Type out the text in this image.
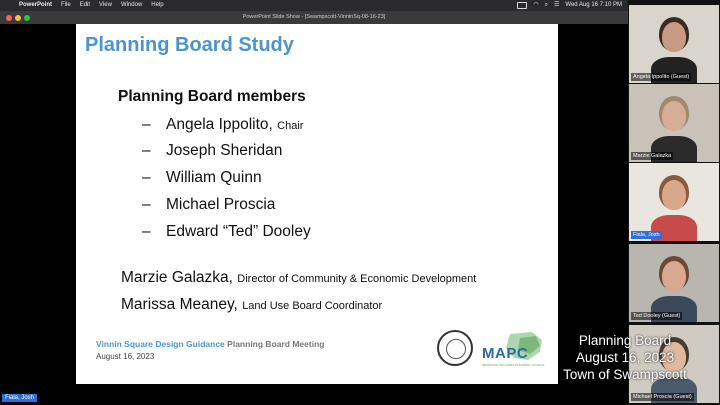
PowerPoint File Edit View Window Help	◠ ⌕ ☰ Wed Aug 16 7:10 PM
PowerPoint Slide Show - [Swampscott-VinninSq-08-16-23]
Planning Board Study
Planning Board members
– Angela Ippolito, Chair
– Joseph Sheridan
– William Quinn
– Michael Proscia
– Edward “Ted” Dooley
Marzie Galazka, Director of Community & Economic Development
Marissa Meaney, Land Use Board Coordinator
Vinnin Square Design Guidance Planning Board Meeting
August 16, 2023	MAPC
METROPOLITAN AREA PLANNING COUNCIL
Angela Ippolito (Guest)
Marzie Galazka
Fiala, Josh
Ted Dooley (Guest)
Michael Proscia (Guest)
Planning Board
August 16, 2023
Town of Swampscott
Fiala, Josh
